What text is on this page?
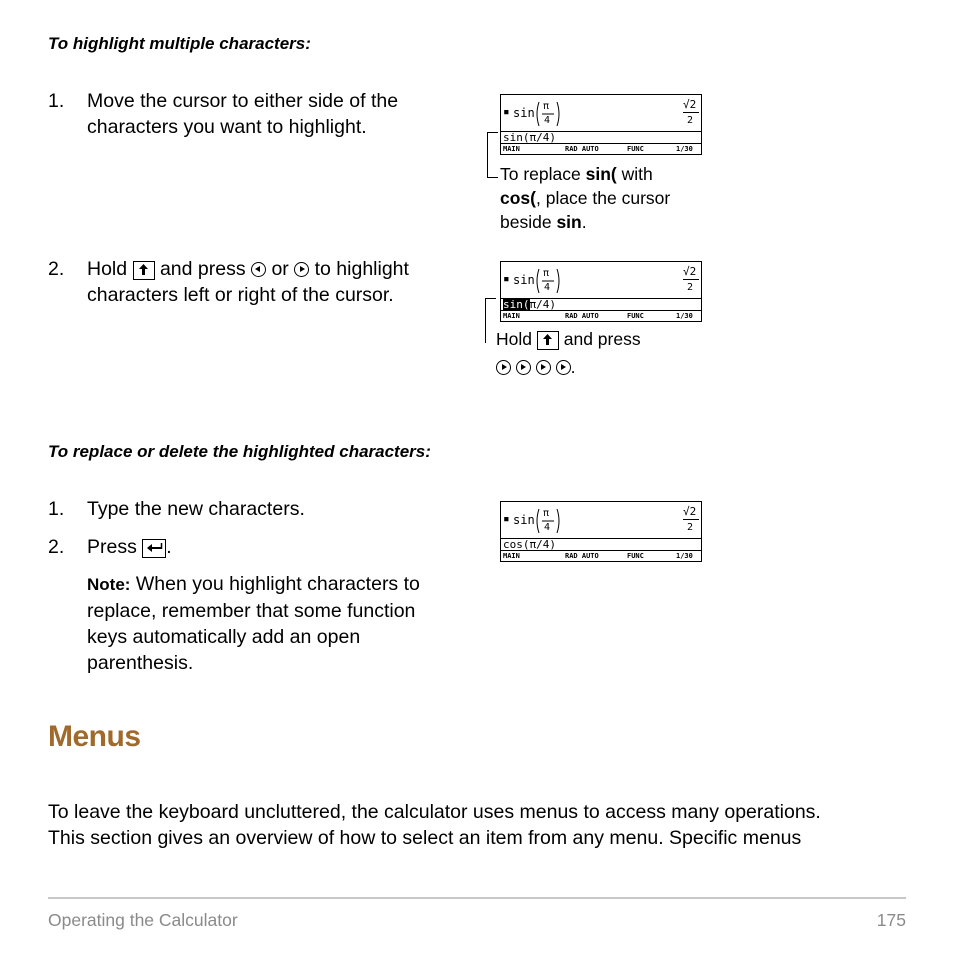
To highlight multiple characters:
1. Move the cursor to either side of the
characters you want to highlight.
2. Hold and press or to highlight
characters left or right of the cursor.
▪ sin π
4
√2
2
sin(π/4)
MAIN	RAD AUTO	FUNC	1/30
To replace sin( with
cos(, place the cursor
beside sin.
▪ sin π
4
√2
2
sin(π/4)
MAIN	RAD AUTO	FUNC	1/30
Hold and press
.
To replace or delete the highlighted characters:
1. Type the new characters.
2. Press .
Note: When you highlight characters to
replace, remember that some function
keys automatically add an open
parenthesis.
▪ sin π
4
√2
2
cos(π/4)
MAIN	RAD AUTO	FUNC	1/30
Menus
To leave the keyboard uncluttered, the calculator uses menus to access many operations.
This section gives an overview of how to select an item from any menu. Specific menus
Operating the Calculator	175
